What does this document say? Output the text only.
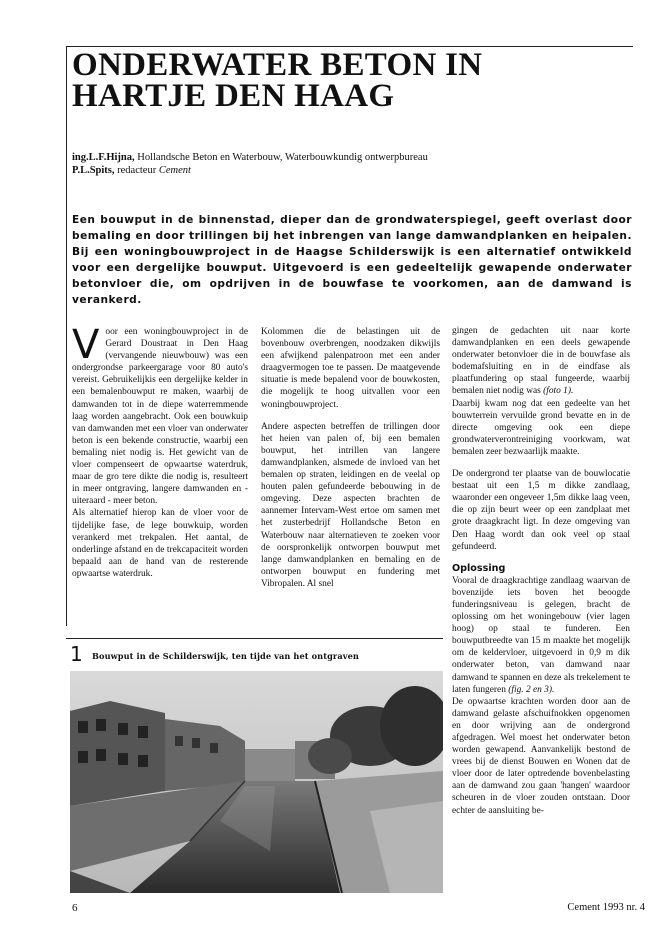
ONDERWATER BETON IN
HARTJE DEN HAAG
ing.L.F.Hijna, Hollandsche Beton en Waterbouw, Waterbouwkundig ontwerpbureau
P.L.Spits, redacteur Cement

Een bouwput in de binnenstad, dieper dan de grondwaterspiegel, geeft overlast door bemaling en door trillingen bij het inbrengen van lange damwandplanken en heipalen. Bij een woningbouwproject in de Haagse Schilderswijk is een alternatief ontwikkeld voor een dergelijke bouwput. Uitgevoerd is een gedeeltelijk gewapende onderwater betonvloer die, om opdrijven in de bouwfase te voorkomen, aan de damwand is verankerd.

Voor een woningbouwproject in de Gerard Doustraat in Den Haag (vervangende nieuwbouw) was een ondergrondse parkeergarage voor 80 auto's vereist. Gebruikelijkis een dergelijke kelder in een bemalenbouwput re maken, waarbij de damwanden tot in de diepe waterremmende laag worden aangebracht. Ook een bouwkuip van damwanden met een vloer van onderwater beton is een bekende constructie, waarbij een bemaling niet nodig is. Het gewicht van de vloer compenseert de opwaartse waterdruk, maar de gro tere dikte die nodig is, resulteert in meer ontgraving, langere damwanden en - uiteraard - meer beton.

Als alternatief hierop kan de vloer voor de tijdelijke fase, de lege bouwkuip, worden verankerd met trekpalen. Het aantal, de onderlinge afstand en de trekcapaciteit worden bepaald aan de hand van de resterende opwaartse waterdruk.

Kolommen die de belastingen uit de bovenbouw overbrengen, noodzaken dikwijls een afwijkend palenpatroon met een ander draagvermogen toe te passen. De maatgevende situatie is mede bepalend voor de bouwkosten, die mogelijk te hoog uitvallen voor een woningbouwproject.

Andere aspecten betreffen de trillingen door het heien van palen of, bij een bemalen bouwput, het intrillen van langere damwandplanken, alsmede de invloed van het bemalen op straten, leidingen en de veelal op houten palen gefundeerde bebouwing in de omgeving. Deze aspecten brachten de aannemer Intervam-West ertoe om samen met het zusterbedrijf Hollandsche Beton en Waterbouw naar alternatieven te zoeken voor de oorspronkelijk ontworpen bouwput met lange damwandplanken en bemaling en de ontworpen bouwput en fundering met Vibropalen. Al snel

gingen de gedachten uit naar korte damwandplanken en een deels gewapende onderwater betonvloer die in de bouwfase als bodemafsluiting en in de eindfase als plaatfundering op staal fungeerde, waarbij bemalen niet nodig was (foto 1).
Daarbij kwam nog dat een gedeelte van het bouwterrein vervuilde grond bevatte en in de directe omgeving ook een diepe grondwaterverontreiniging voorkwam, wat bemalen zeer bezwaarlijk maakte.

De ondergrond ter plaatse van de bouwlocatie bestaat uit een 1,5 m dikke zandlaag, waaronder een ongeveer 1,5m dikke laag veen, die op zijn beurt weer op een zandplaat met grote draagkracht ligt. In deze omgeving van Den Haag wordt dan ook veel op staal gefundeerd.

Oplossing
Vooral de draagkrachtige zandlaag waarvan de bovenzijde iets boven het beoogde funderingsniveau is gelegen, bracht de oplossing om het woningebouw (vier lagen hoog) op staal te funderen. Een bouwputbreedte van 15 m maakte het mogelijk om de keldervloer, uitgevoerd in 0,9 m dik onderwater beton, van damwand naar damwand te spannen en deze als trekelement te laten fungeren (fig. 2 en 3).
De opwaartse krachten worden door aan de damwand gelaste afschuifnokken opgenomen en door wrijving aan de ondergrond afgedragen. Wel moest het onderwater beton worden gewapend. Aanvankelijk bestond de vrees bij de dienst Bouwen en Wonen dat de vloer door de later optredende bovenbelasting aan de damwand zou gaan 'hangen' waardoor scheuren in de vloer zouden ontstaan. Door echter de aansluiting be-

1 Bouwput in de Schilderswijk, ten tijde van het ontgraven
6	Cement 1993 nr. 4
